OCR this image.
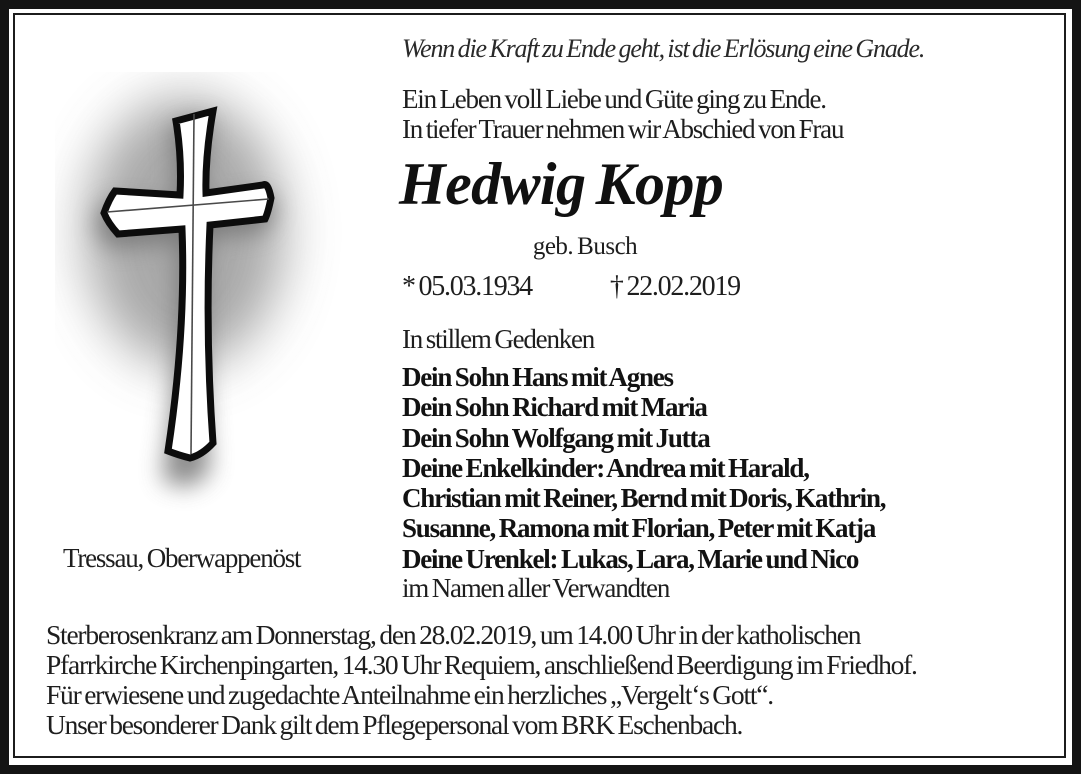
Wenn die Kraft zu Ende geht, ist die Erlösung eine Gnade.
Ein Leben voll Liebe und Güte ging zu Ende.
In tiefer Trauer nehmen wir Abschied von Frau
Hedwig Kopp
geb. Busch
* 05.03.1934	† 22.02.2019
In stillem Gedenken
Dein Sohn Hans mit Agnes
Dein Sohn Richard mit Maria
Dein Sohn Wolfgang mit Jutta
Deine Enkelkinder: Andrea mit Harald,
Christian mit Reiner, Bernd mit Doris, Kathrin,
Susanne, Ramona mit Florian, Peter mit Katja
Deine Urenkel: Lukas, Lara, Marie und Nico
im Namen aller Verwandten
Tressau, Oberwappenöst
Sterberosenkranz am Donnerstag, den 28.02.2019, um 14.00 Uhr in der katholischen
Pfarrkirche Kirchenpingarten, 14.30 Uhr Requiem, anschließend Beerdigung im Friedhof.
Für erwiesene und zugedachte Anteilnahme ein herzliches „Vergelt‘s Gott“.
Unser besonderer Dank gilt dem Pflegepersonal vom BRK Eschenbach.
